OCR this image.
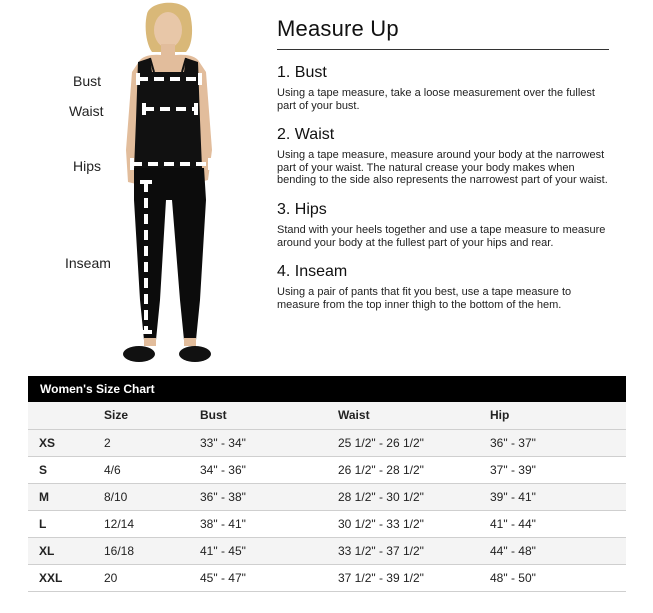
Bust
Waist
Hips
Inseam
Measure Up
1. Bust

Using a tape measure, take a loose measurement over the fullest part of your bust.

2. Waist

Using a tape measure, measure around your body at the narrowest part of your waist. The natural crease your body makes when bending to the side also represents the narrowest part of your waist.

3. Hips

Stand with your heels together and use a tape measure to measure around your body at the fullest part of your hips and rear.

4. Inseam

Using a pair of pants that fit you best, use a tape measure to measure from the top inner thigh to the bottom of the hem.

Women's Size Chart
	Size	Bust	Waist	Hip
XS	2	33" - 34"	25 1/2" - 26 1/2"	36" - 37"
S	4/6	34" - 36"	26 1/2" - 28 1/2"	37" - 39"
M	8/10	36" - 38"	28 1/2" - 30 1/2"	39" - 41"
L	12/14	38" - 41"	30 1/2" - 33 1/2"	41" - 44"
XL	16/18	41" - 45"	33 1/2" - 37 1/2"	44" - 48"
XXL	20	45" - 47"	37 1/2" - 39 1/2"	48" - 50"
